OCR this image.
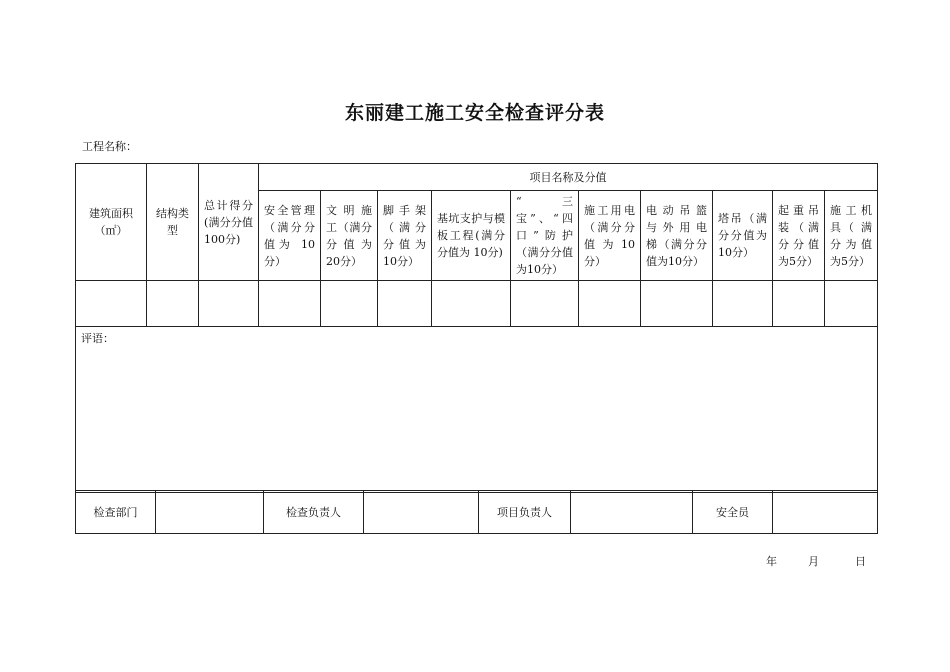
东丽建工施工安全检查评分表
工程名称：
建筑面积（㎡）	结构类型	总计得分(满分分值 100分)	项目名称及分值									
			安全管理（满分分值为 10分）	文 明 施工（满分分 值 为20分）	脚 手 架（ 满 分分 值 为10分）	基坑支护与模板工程(满分分值为 10分)	“三宝”、“四口”防护（满分分值为10分）	施工用电（满分分值 为 10分）	电 动 吊 篮与 外 用 电梯（满分分值为10分）	塔吊（满分分值为10分）	起重吊装（满分分值为5分）	施 工 机具（ 满分为值为5分）

评语：												
检查部门		检查负责人		项目负责人		安全员	
年	月	日
